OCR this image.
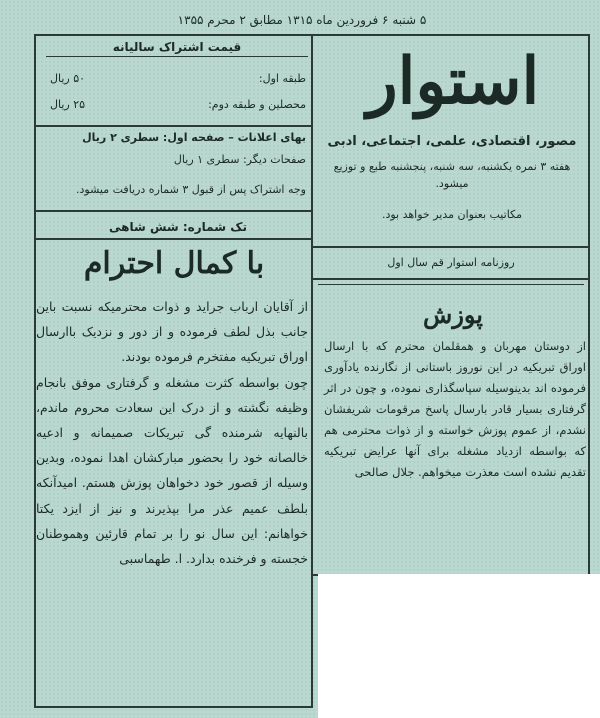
۵ شنبه ۶ فروردین ماه ۱۳۱۵ مطابق ۲ محرم ۱۳۵۵
استوار
مصور، اقتصادی، علمی، اجتماعی، ادبی
هفته ۳ نمره یکشنبه، سه شنبه، پنجشنبه طبع و توزیع میشود.
مکاتیب بعنوان مدیر خواهد بود.
قیمت اشتراک سالیانه
طبقه اول:
۵۰ ریال
محصلین و طبقه دوم:
۲۵ ریال
بهای اعلانات – صفحه اول: سطری ۲ ریال
صفحات دیگر: سطری ۱ ریال
وجه اشتراک پس از قبول ۳ شماره دریافت میشود.
تک شماره: شش شاهی
روزنامه استوار قم سال اول
با کمال احترام

از آقایان ارباب جراید و ذوات محترمیکه نسبت باین جانب بذل لطف فرموده و از دور و نزدیک باارسال اوراق تبریکیه مفتخرم فرموده بودند.

چون بواسطه کثرت مشغله و گرفتاری موفق بانجام وظیفه نگشته و از درک این سعادت محروم ماندم، بالنهایه شرمنده گی تبریکات صمیمانه و ادعیه خالصانه خود را بحضور مبارکشان اهدا نموده، وبدین وسیله از قصور خود دخواهان پوزش هستم. امیدآنکه بلطف عمیم عذر مرا بپذیرند و نیز از ایزد یکتا خواهانم: این سال نو را بر تمام قارئین وهموطنان خجسته و فرخنده بدارد. ا. طهماسبی

پوزش

از دوستان مهربان و همقلمان محترم که با ارسال اوراق تبریکیه در این نوروز باستانی از نگارنده یادآوری فرموده اند بدینوسیله سپاسگذاری نموده، و چون در اثر گرفتاری بسیار قادر بارسال پاسخ مرقومات شریفشان نشدم، از عموم پوزش خواسته و از ذوات محترمی هم که بواسطه ازدیاد مشغله برای آنها عرایض تبریکیه تقدیم نشده است معذرت میخواهم. جلال صالحی
